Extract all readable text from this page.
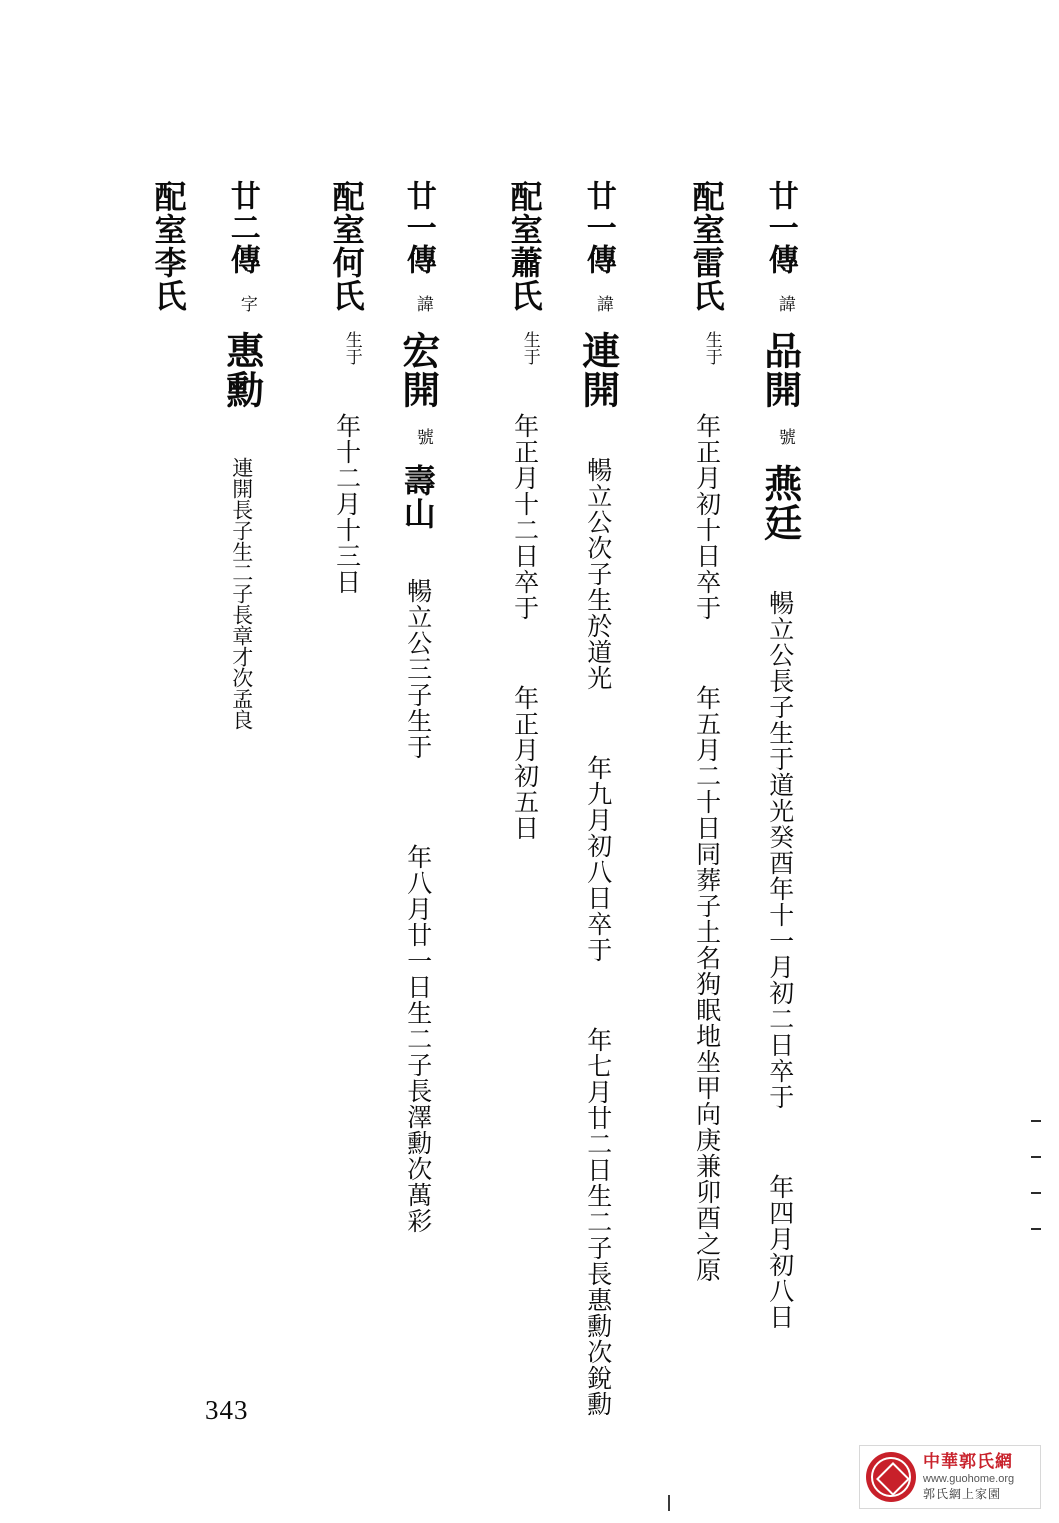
廿一傳 諱 品開 號 燕廷  暢立公長子生于道光癸酉年十一月初二日卒于  年四月初八日
配室雷氏 生于  年正月初十日卒于  年五月二十日同葬子土名狗眠地坐甲向庚兼卯酉之原
廿一傳 諱 連開  暢立公次子生於道光  年九月初八日卒于  年七月廿二日生二子長惠勳次銳勳
配室蕭氏 生于  年正月十二日卒于  年正月初五日
廿一傳 諱 宏開 號 壽山  暢立公三子生于  年八月廿一日生二子長澤勳次萬彩
配室何氏 生于  年十二月十三日
廿二傳 字 惠勳  連開長子生二子長章才次孟良
配室李氏
343
中華郭氏網
www.guohome.org
郭氏網上家園
